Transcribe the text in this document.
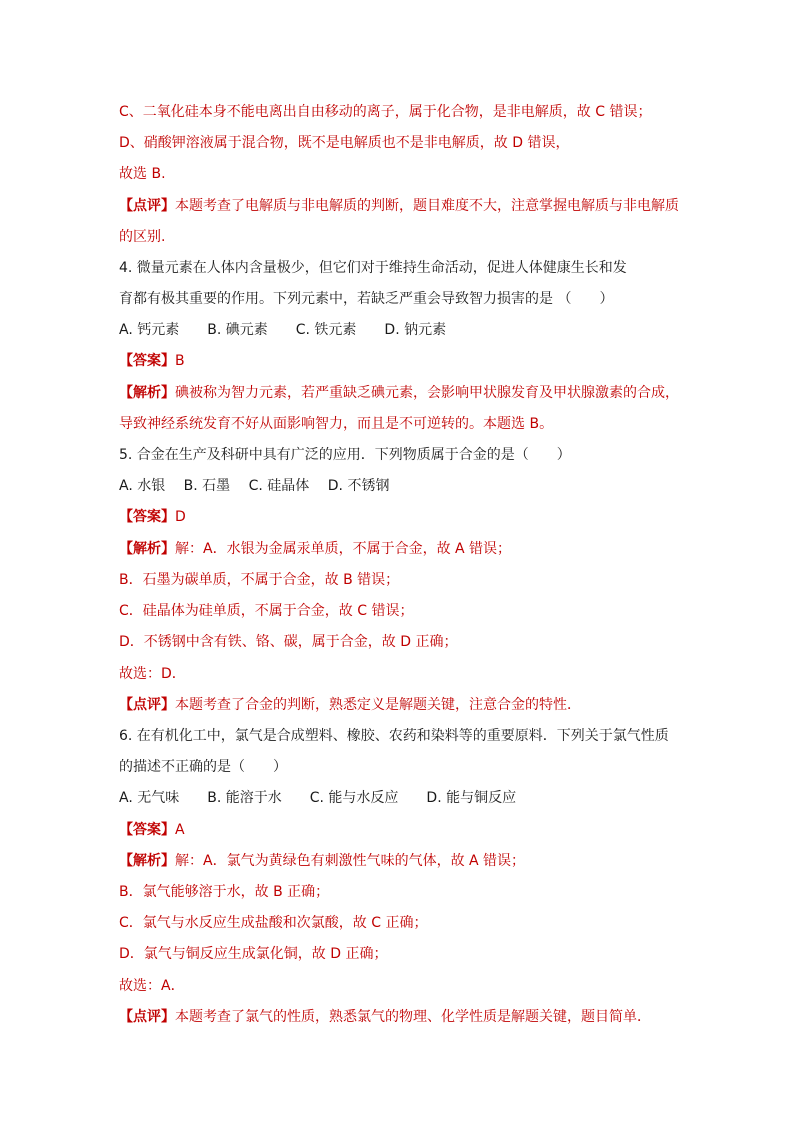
C、二氧化硅本身不能电离出自由移动的离子，属于化合物，是非电解质，故 C 错误；
D、硝酸钾溶液属于混合物，既不是电解质也不是非电解质，故 D 错误，
故选 B.
【点评】本题考查了电解质与非电解质的判断，题目难度不大，注意掌握电解质与非电解质
的区别.
4. 微量元素在人体内含量极少，但它们对于维持生命活动，促进人体健康生长和发
育都有极其重要的作用。下列元素中，若缺乏严重会导致智力损害的是 （　　）
A. 钙元素　　B. 碘元素　　C. 铁元素　　D. 钠元素
【答案】B
【解析】碘被称为智力元素，若严重缺乏碘元素，会影响甲状腺发育及甲状腺激素的合成，
导致神经系统发育不好从面影响智力，而且是不可逆转的。本题选 B。
5. 合金在生产及科研中具有广泛的应用．下列物质属于合金的是（　　）
A. 水银　 B. 石墨　 C. 硅晶体　 D. 不锈钢
【答案】D
【解析】解：A．水银为金属汞单质，不属于合金，故 A 错误；
B．石墨为碳单质，不属于合金，故 B 错误；
C．硅晶体为硅单质，不属于合金，故 C 错误；
D．不锈钢中含有铁、铬、碳，属于合金，故 D 正确；
故选：D．
【点评】本题考查了合金的判断，熟悉定义是解题关键，注意合金的特性．
6. 在有机化工中，氯气是合成塑料、橡胶、农药和染料等的重要原料．下列关于氯气性质
的描述不正确的是（　　）
A. 无气味　　B. 能溶于水　　C. 能与水反应　　D. 能与铜反应
【答案】A
【解析】解：A．氯气为黄绿色有刺激性气味的气体，故 A 错误；
B．氯气能够溶于水，故 B 正确；
C．氯气与水反应生成盐酸和次氯酸，故 C 正确；
D．氯气与铜反应生成氯化铜，故 D 正确；
故选：A．
【点评】本题考查了氯气的性质，熟悉氯气的物理、化学性质是解题关键，题目简单．
